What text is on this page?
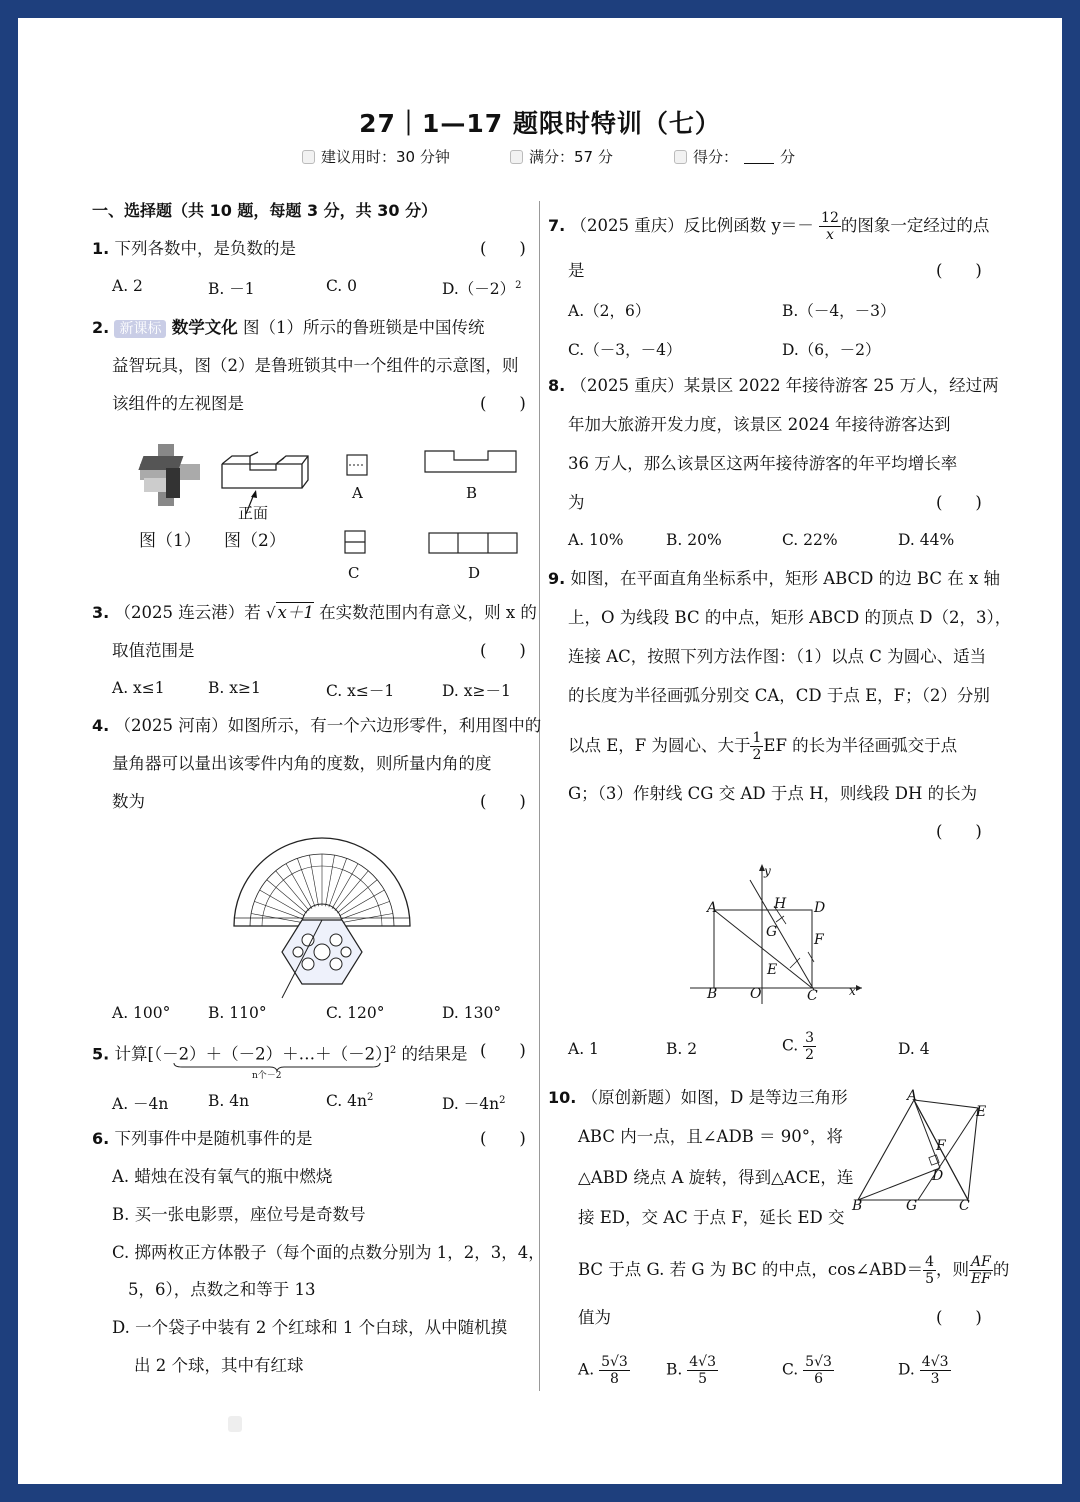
27｜1—17 题限时特训（七）
建议用时：30 分钟	满分：57 分	得分：	分
一、选择题（共 10 题，每题 3 分，共 30 分）
1. 下列各数中，是负数的是	(　　)
A. 2	B. －1	C. 0	$D.(-2)^2$
2. 新课标 数学文化 图（1）所示的鲁班锁是中国传统
益智玩具，图（2）是鲁班锁其中一个组件的示意图，则
该组件的左视图是	(　　)
正面
图（1） 图（2）
A	B
C	D
3. （2025 连云港）若 √ x＋1 在实数范围内有意义，则 x 的
取值范围是	(　　)
A. x≤1	B. x≥1	C. x≤－1	D. x≥－1
4. （2025 河南）如图所示，有一个六边形零件，利用图中的
量角器可以量出该零件内角的度数，则所量内角的度
数为	(　　)
A. 100° B. 110°	C. 120°	D. 130°
5. 计算[（－2）＋（－2）＋…＋（－2）]$^2$ 的结果是
n个－2
(　　)
A. －4n	B. 4n	C. $4n^2$	D. $-4n^2$
6. 下列事件中是随机事件的是	(　　)
A. 蜡烛在没有氧气的瓶中燃烧
B. 买一张电影票，座位号是奇数号
C. 掷两枚正方体骰子（每个面的点数分别为 1，2，3，4，
5，6），点数之和等于 13
D. 一个袋子中装有 2 个红球和 1 个白球，从中随机摸
出 2 个球，其中有红球
7. （2025 重庆）反比例函数 $y=- \frac{12}{x}$ 的图象一定经过的点
是	(　　)
A.（2，6）	B.（－4，－3）
C.（－3，－4）	D.（6，－2）
8. （2025 重庆）某景区 2022 年接待游客 25 万人，经过两
年加大旅游开发力度，该景区 2024 年接待游客达到
36 万人，那么该景区这两年接待游客的年平均增长率
为	(　　)
A. 10%	B. 20%	C. 22%	D. 44%
9. 如图，在平面直角坐标系中，矩形 ABCD 的边 BC 在 x 轴
上，O 为线段 BC 的中点，矩形 ABCD 的顶点 D（2，3），
连接 AC，按照下列方法作图：（1）以点 C 为圆心、适当
的长度为半径画弧分别交 CA，CD 于点 E，F；（2）分别
以点 E，F 为圆心、大于 $\frac{1}{2}$ EF 的长为半径画弧交于点
G；（3）作射线 CG 交 AD 于点 H，则线段 DH 的长为
(　　)
A	H D
G	F
E
B O	C	x
y
A. 1	B. 2	C. $\frac{3}{2}$	D. 4
10. （原创新题）如图，D 是等边三角形
ABC 内一点，且∠ADB ＝ 90°，将
△ABD 绕点 A 旋转，得到△ACE，连
接 ED，交 AC 于点 F，延长 ED 交
BC 于点 G. 若 G 为 BC 的中点，cos∠ABD＝ $\frac{4}{5}$ ，则 $\frac{AF}{EF}$ 的
值为	(　　)
A
E
F
D
B	G	C
A. $\frac{5√3}{8} B$. $\frac{4√3}{5}$	C. $\frac{5√3}{6}$	D. $\frac{4√3}{3}$
